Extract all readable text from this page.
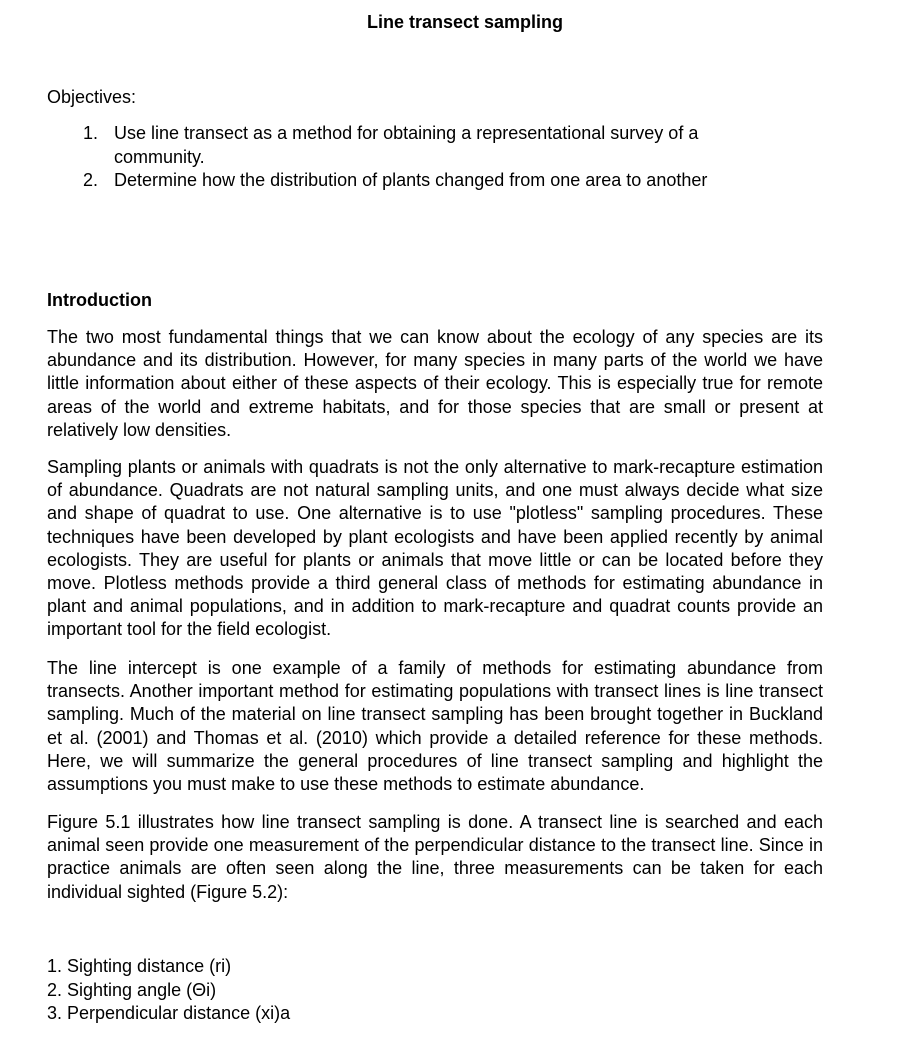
Line transect sampling
Objectives:
1. Use line transect as a method for obtaining a representational survey of a community.
2. Determine how the distribution of plants changed from one area to another
Introduction

The two most fundamental things that we can know about the ecology of any species are its abundance and its distribution. However, for many species in many parts of the world we have little information about either of these aspects of their ecology. This is especially true for remote areas of the world and extreme habitats, and for those species that are small or present at relatively low densities.

Sampling plants or animals with quadrats is not the only alternative to mark-recapture estimation of abundance. Quadrats are not natural sampling units, and one must always decide what size and shape of quadrat to use. One alternative is to use "plotless" sampling procedures. These techniques have been developed by plant ecologists and have been applied recently by animal ecologists. They are useful for plants or animals that move little or can be located before they move. Plotless methods provide a third general class of methods for estimating abundance in plant and animal populations, and in addition to mark-recapture and quadrat counts provide an important tool for the field ecologist.

The line intercept is one example of a family of methods for estimating abundance from transects. Another important method for estimating populations with transect lines is line transect sampling. Much of the material on line transect sampling has been brought together in Buckland et al. (2001) and Thomas et al. (2010) which provide a detailed reference for these methods. Here, we will summarize the general procedures of line transect sampling and highlight the assumptions you must make to use these methods to estimate abundance.

Figure 5.1 illustrates how line transect sampling is done. A transect line is searched and each animal seen provide one measurement of the perpendicular distance to the transect line. Since in practice animals are often seen along the line, three measurements can be taken for each individual sighted (Figure 5.2):

1. Sighting distance (ri)
2. Sighting angle (Θi)
3. Perpendicular distance (xi)a
